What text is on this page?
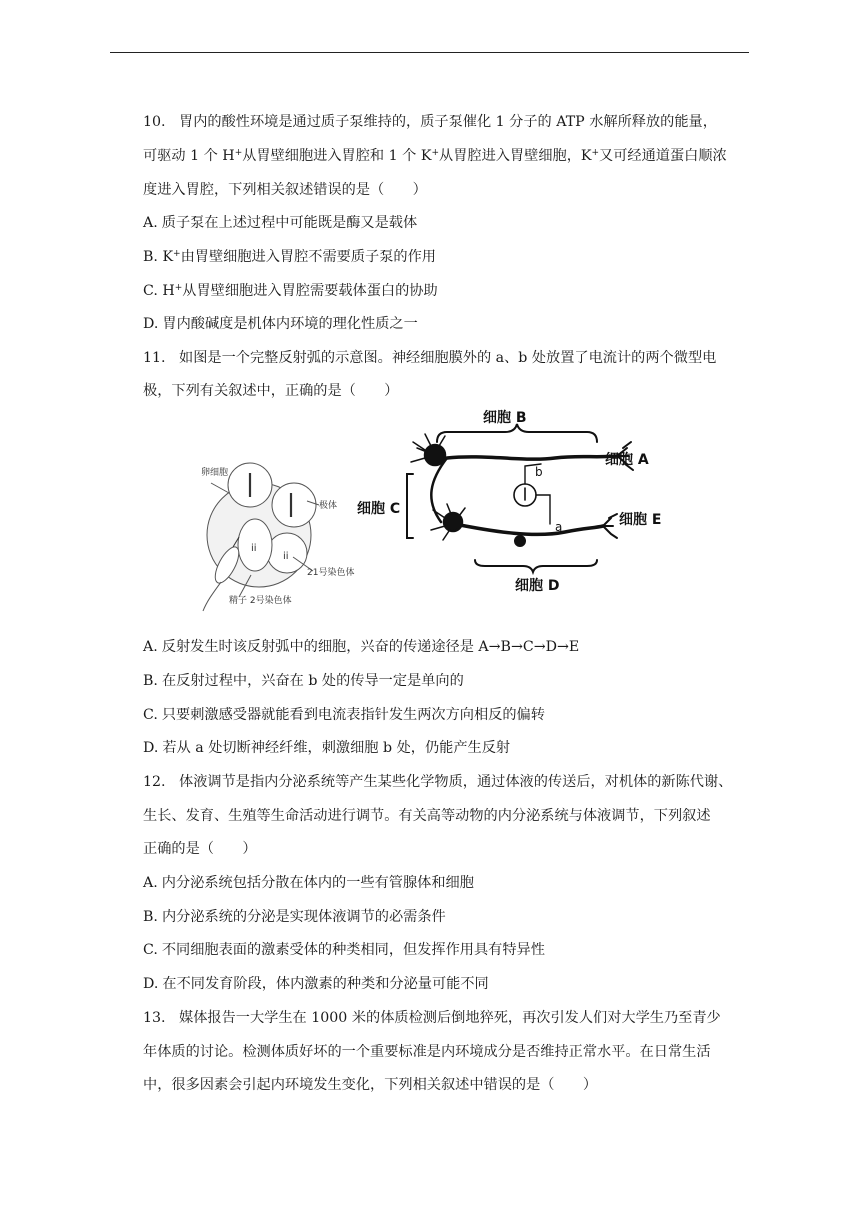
10. 胃内的酸性环境是通过质子泵维持的，质子泵催化 1 分子的 ATP 水解所释放的能量，
可驱动 1 个 H+从胃壁细胞进入胃腔和 1 个 K+从胃腔进入胃壁细胞，K+又可经通道蛋白顺浓
度进入胃腔，下列相关叙述错误的是（　　）
A. 质子泵在上述过程中可能既是酶又是载体
B. K+由胃壁细胞进入胃腔不需要质子泵的作用
C. H+从胃壁细胞进入胃腔需要载体蛋白的协助
D. 胃内酸碱度是机体内环境的理化性质之一
11. 如图是一个完整反射弧的示意图。神经细胞膜外的 a、b 处放置了电流计的两个微型电
极，下列有关叙述中，正确的是（　　）
卵细胞
极体
21号染色体
精子 2号染色体
ii
ii
细胞 B
细胞 A
细胞 C
细胞 E
细胞 D
a
b
A. 反射发生时该反射弧中的细胞，兴奋的传递途径是 A→B→C→D→E
B. 在反射过程中，兴奋在 b 处的传导一定是单向的
C. 只要刺激感受器就能看到电流表指针发生两次方向相反的偏转
D. 若从 a 处切断神经纤维，刺激细胞 b 处，仍能产生反射
12. 体液调节是指内分泌系统等产生某些化学物质，通过体液的传送后，对机体的新陈代谢、
生长、发育、生殖等生命活动进行调节。有关高等动物的内分泌系统与体液调节，下列叙述
正确的是（　　）
A. 内分泌系统包括分散在体内的一些有管腺体和细胞
B. 内分泌系统的分泌是实现体液调节的必需条件
C. 不同细胞表面的激素受体的种类相同，但发挥作用具有特异性
D. 在不同发育阶段，体内激素的种类和分泌量可能不同
13. 媒体报告一大学生在 1000 米的体质检测后倒地猝死，再次引发人们对大学生乃至青少
年体质的讨论。检测体质好坏的一个重要标准是内环境成分是否维持正常水平。在日常生活
中，很多因素会引起内环境发生变化，下列相关叙述中错误的是（　　）
